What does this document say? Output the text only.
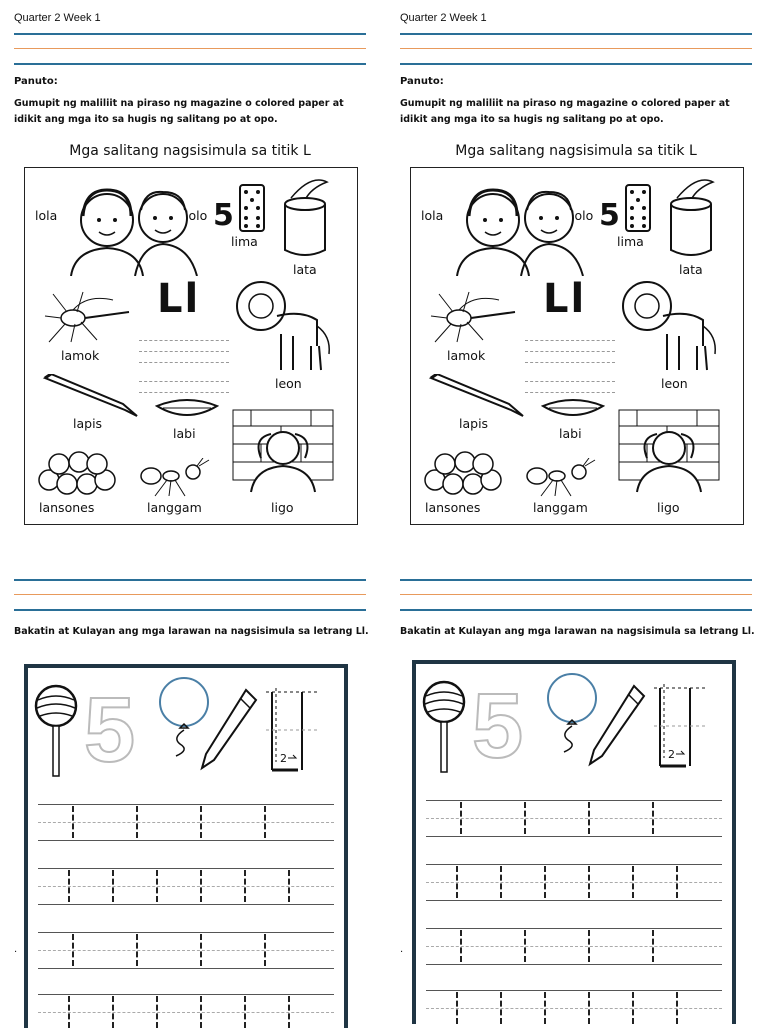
Quarter 2 Week 1
Panuto:
Gumupit ng maliliit na piraso ng magazine o colored paper at idikit ang mga ito sa hugis ng salitang po at opo.
Mga salitang nagsisimula sa titik L
lola	lolo 5
lima
lata
lamok
Ll
leon
lapis
labi
ligo
lansones	langgam
Bakatin at Kulayan ang mga larawan na nagsisimula sa letrang Ll.
.
5	2
Quarter 2 Week 1
Panuto:
Gumupit ng maliliit na piraso ng magazine o colored paper at idikit ang mga ito sa hugis ng salitang po at opo.
Mga salitang nagsisimula sa titik L
lola	lolo 5
lima
lata
lamok
Ll
leon
lapis
labi
ligo
lansones	langgam
Bakatin at Kulayan ang mga larawan na nagsisimula sa letrang Ll.
.
5	2
